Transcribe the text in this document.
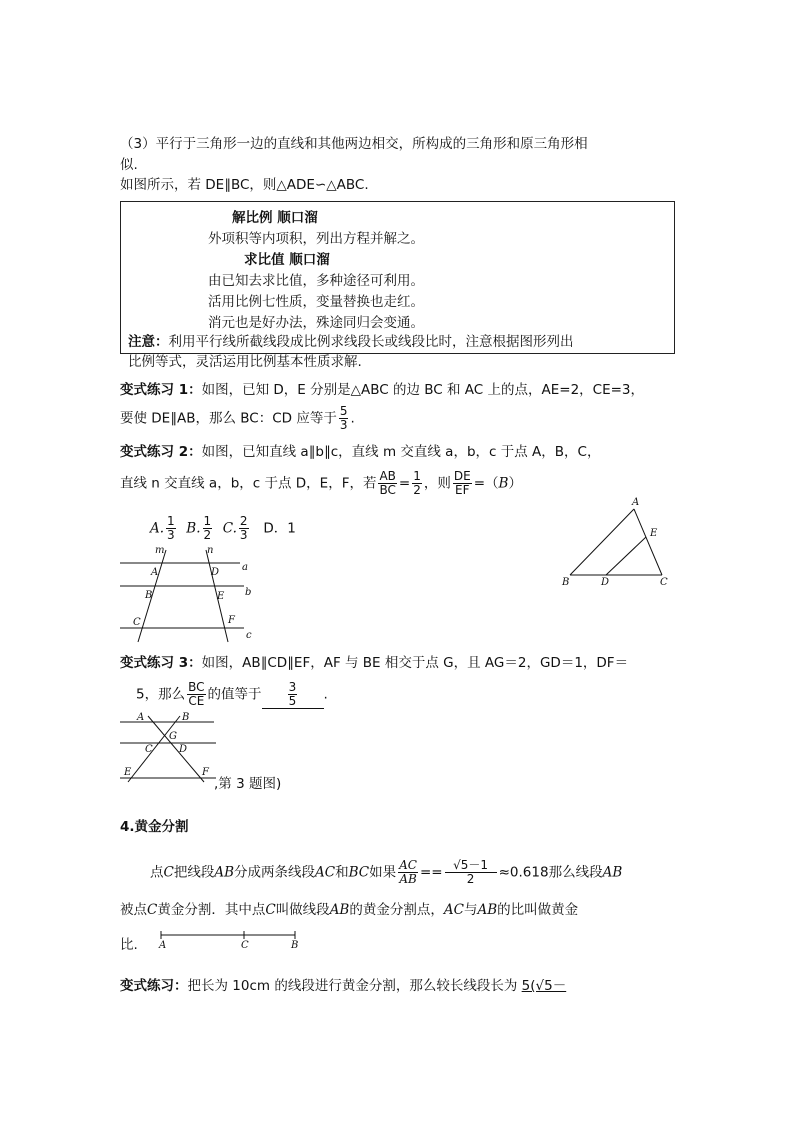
（3）平行于三角形一边的直线和其他两边相交，所构成的三角形和原三角形相
似.
如图所示，若 DE∥BC，则△ADE∽△ABC.
解比例 顺口溜
外项积等内项积，列出方程并解之。
求比值 顺口溜
由已知去求比值，多种途径可利用。
活用比例七性质，变量替换也走红。
消元也是好办法，殊途同归会变通。
注意：利用平行线所截线段成比例求线段长或线段比时，注意根据图形列出
比例等式，灵活运用比例基本性质求解.
变式练习 1：如图，已知 D，E 分别是△ABC 的边 BC 和 AC 上的点，AE=2，CE=3，
要使 DE∥AB，那么 BC：CD 应等于 $\frac{5}{3}$ .
变式练习 2：如图，已知直线 a∥b∥c，直线 m 交直线 a，b，c 于点 A，B，C，
直线 n 交直线 a，b，c 于点 D，E，F，若 $\frac{AB}{BC} = \frac{1}{2}$ ，则 $\frac{DE}{EF} =(B)$
A. $\frac{1}{3} B$. $\frac{1}{2} C$. $\frac{2}{3}$ D．1
m	n
a
b
c
A
B
C
D
E
F
A
B	C
D
E
变式练习 3：如图，AB∥CD∥EF，AF 与 BE 相交于点 G，且 AG＝2，GD＝1，DF＝
5，那么 $\frac{BC}{CE}$ 的值等于 $\frac{3}{5}$ .
A	B
C	D
G
E	F
,第 3 题图)
4.黄金分割
点C把线段AB分成两条线段AC和BC如果 $\frac{AC}{AB} == \frac{√5-1}{2} \approx 0.618$那么线段AB
被点C黄金分割．其中点C叫做线段AB的黄金分割点，AC与AB的比叫做黄金
比. A	C	B
变式练习：把长为 10cm 的线段进行黄金分割，那么较长线段长为 5(√5－
